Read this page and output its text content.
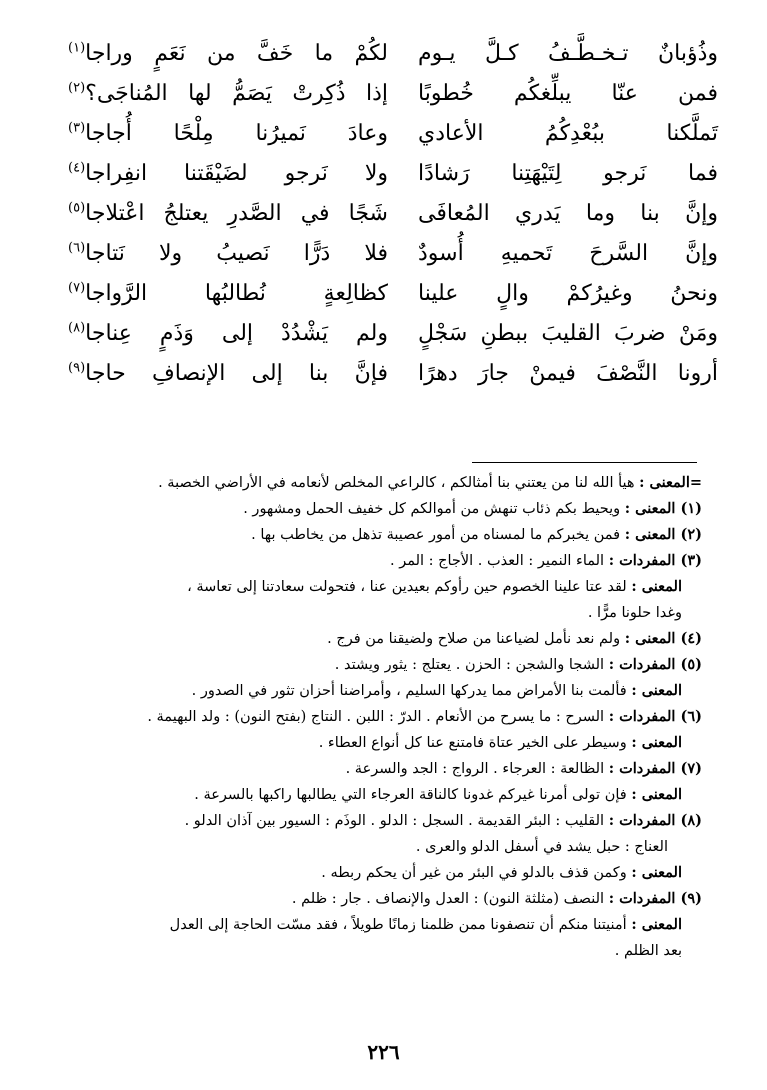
وذُؤبانٌ تـخـطَّـفُ كـلَّ يـوم
لكُمْ ما خَفَّ من نَعَمٍ وراجا$^{(١)}$
فمن عنّا يبلِّغكُم خُطوبًا
إذا ذُكِرتْ يَصَمُّ لها المُناجَى؟$^{(٢)}$
تَملَّكنا ببُعْدِكُمُ الأعادي
وعادَ نَميرُنا مِلْحًا أُجاجا$^{(٣)}$
فما نَرجو لِتَيْهَتِنا رَشادًا
ولا نَرجو لضَيْقَتنا انفِراجا$^{(٤)}$
وإنَّ بنا وما يَدري المُعافَى
شَجًا في الصَّدرِ يعتلجُ اعْتلاجا$^{(٥)}$
وإنَّ السَّرحَ تَحميهِ أُسودٌ
فلا دَرًّا نَصيبُ ولا نَتاجا$^{(٦)}$
ونحنُ وغيرُكمْ والٍ علينا
كظالِعةٍ نُطالبُها الرَّواجا$^{(٧)}$
ومَنْ ضربَ القليبَ ببطنِ سَجْلٍ
ولم يَشْدُدْ إلى وَذَمٍ عِناجا$^{(٨)}$
أرونا النَّصْفَ فيمنْ جارَ دهرًا
فإنَّ بنا إلى الإنصافِ حاجا$^{(٩)}$
=المعنى : هيأ الله لنا من يعتني بنا أمثالكم ، كالراعي المخلص لأنعامه في الأراضي الخصبة .
(١) المعنى : ويحيط بكم ذئاب تنهش من أموالكم كل خفيف الحمل ومشهور .
(٢) المعنى : فمن يخبركم ما لمسناه من أمور عصيبة تذهل من يخاطب بها .
(٣) المفردات : الماء النمير : العذب . الأجاج : المر .
المعنى : لقد عتا علينا الخصوم حين رأوكم بعيدين عنا ، فتحولت سعادتنا إلى تعاسة ،
وغدا حلونا مرًّا .
(٤) المعنى : ولم نعد نأمل لضياعنا من صلاح ولضيقنا من فرج .
(٥) المفردات : الشجا والشجن : الحزن . يعتلج : يثور ويشتد .
المعنى : فألمت بنا الأمراض مما يدركها السليم ، وأمراضنا أحزان تثور في الصدور .
(٦) المفردات : السرح : ما يسرح من الأنعام . الدرّ : اللبن . النتاج (بفتح النون) : ولد البهيمة .
المعنى : وسيطر على الخير عتاة فامتنع عنا كل أنواع العطاء .
(٧) المفردات : الظالعة : العرجاء . الرواج : الجد والسرعة .
المعنى : فإن تولى أمرنا غيركم غدونا كالناقة العرجاء التي يطالبها راكبها بالسرعة .
(٨) المفردات : القليب : البئر القديمة . السجل : الدلو . الوذَم : السيور بين آذان الدلو .
العناج : حبل يشد في أسفل الدلو والعرى .
المعنى : وكمن قذف بالدلو في البئر من غير أن يحكم ربطه .
(٩) المفردات : النصف (مثلثة النون) : العدل والإنصاف . جار : ظلم .
المعنى : أمنيتنا منكم أن تنصفونا ممن ظلمنا زمانًا طويلاً ، فقد مسّت الحاجة إلى العدل
بعد الظلم .
٢٢٦
